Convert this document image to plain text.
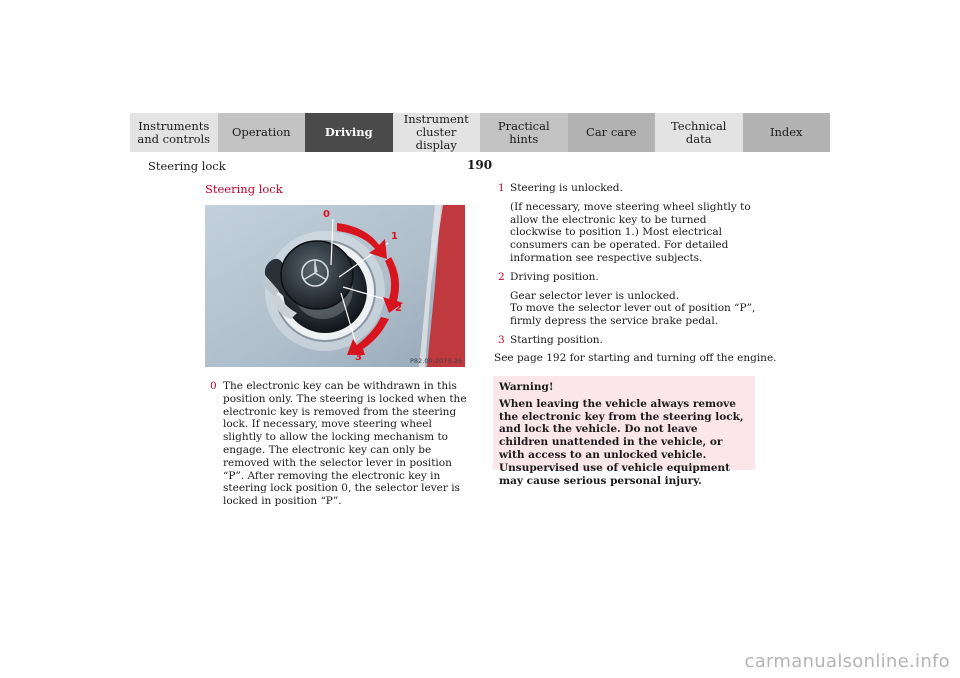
Instruments
and controls	Operation	Driving
Instrument
cluster display
Practical hints	Car care	Technical
data	Index
Steering lock	190
Steering lock
0
1
2
3	P82.00-2073-26
0 The electronic key can be withdrawn in this position only. The steering is locked when the electronic key is removed from the steering lock. If necessary, move steering wheel slightly to allow the locking mechanism to engage. The electronic key can only be removed with the selector lever in position “P”. After removing the electronic key in steering lock position 0, the selector lever is locked in position “P”.

1 Steering is unlocked.

(If necessary, move steering wheel slightly to allow the electronic key to be turned clockwise to position 1.) Most electrical consumers can be operated. For detailed information see respective subjects.

2 Driving position.

Gear selector lever is unlocked.
To move the selector lever out of position “P”, firmly depress the service brake pedal.

3 Starting position.

See page 192 for starting and turning off the engine.
Warning!
When leaving the vehicle always remove the electronic key from the steering lock, and lock the vehicle. Do not leave children unattended in the vehicle, or with access to an unlocked vehicle. Unsupervised use of vehicle equipment may cause serious personal injury.
carmanualsonline.info
